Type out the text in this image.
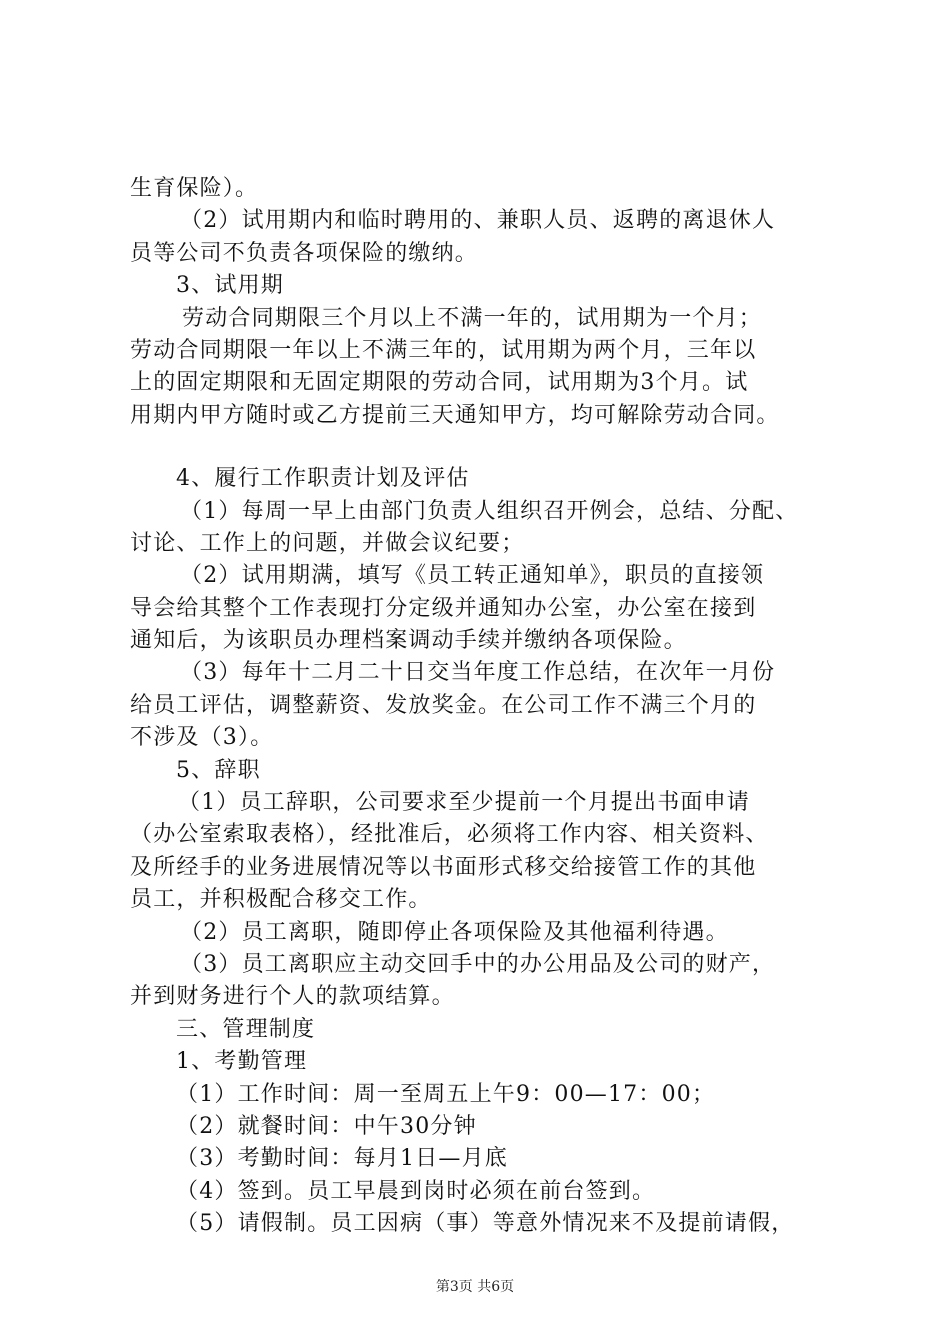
生育保险）。
（2）试用期内和临时聘用的、兼职人员、返聘的离退休人
员等公司不负责各项保险的缴纳。
3、试用期
劳动合同期限三个月以上不满一年的，试用期为一个月；
劳动合同期限一年以上不满三年的，试用期为两个月，三年以
上的固定期限和无固定期限的劳动合同，试用期为3个月。试
用期内甲方随时或乙方提前三天通知甲方，均可解除劳动合同。
4、履行工作职责计划及评估
（1）每周一早上由部门负责人组织召开例会，总结、分配、
讨论、工作上的问题，并做会议纪要；
（2）试用期满，填写《员工转正通知单》，职员的直接领
导会给其整个工作表现打分定级并通知办公室，办公室在接到
通知后，为该职员办理档案调动手续并缴纳各项保险。
（3）每年十二月二十日交当年度工作总结，在次年一月份
给员工评估，调整薪资、发放奖金。在公司工作不满三个月的
不涉及（3）。
5、辞职
（1）员工辞职，公司要求至少提前一个月提出书面申请
（办公室索取表格），经批准后，必须将工作内容、相关资料、
及所经手的业务进展情况等以书面形式移交给接管工作的其他
员工，并积极配合移交工作。
（2）员工离职，随即停止各项保险及其他福利待遇。
（3）员工离职应主动交回手中的办公用品及公司的财产，
并到财务进行个人的款项结算。
三、管理制度
1、考勤管理
（1）工作时间：周一至周五上午9：00—17：00；
（2）就餐时间：中午30分钟
（3）考勤时间：每月1日—月底
（4）签到。员工早晨到岗时必须在前台签到。
（5）请假制。员工因病（事）等意外情况来不及提前请假，
第3页 共6页
